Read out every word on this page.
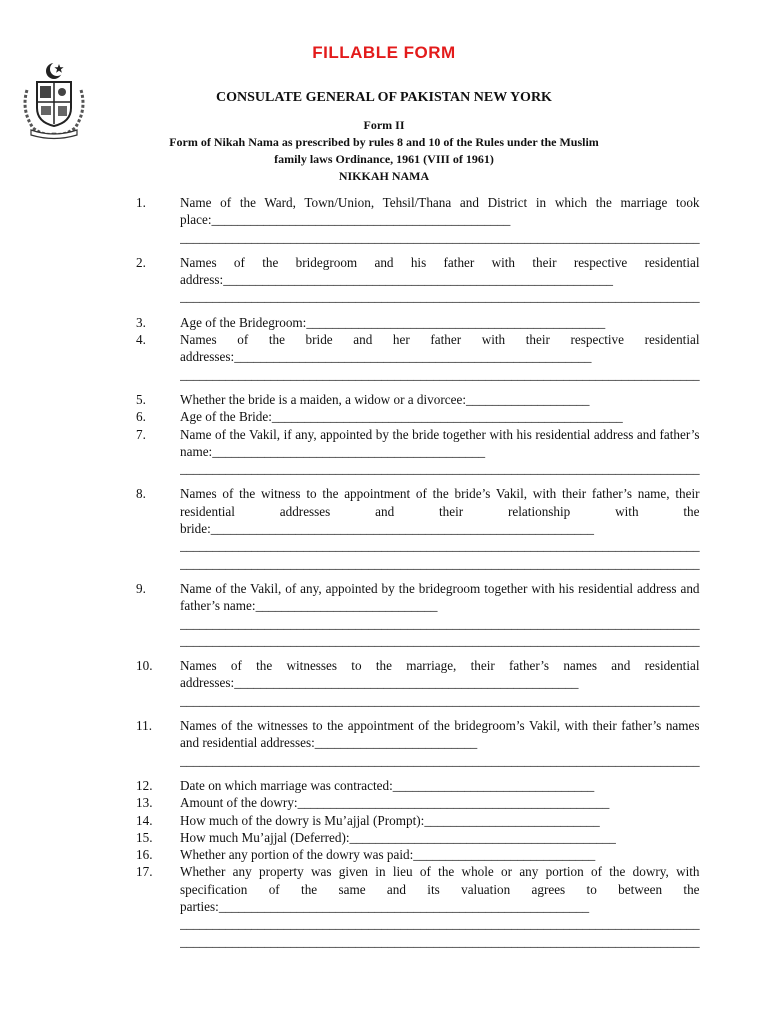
FILLABLE FORM
CONSULATE GENERAL OF PAKISTAN NEW YORK
Form II
Form of Nikah Nama as prescribed by rules 8 and 10 of the Rules under the Muslim
family laws Ordinance, 1961 (VIII of 1961)
NIKKAH NAMA
1.	Name of the Ward, Town/Union, Tehsil/Thana and District in which the marriage took place:______________________________________________
________________________________________________________________________________
2.	Names of the bridegroom and his father with their respective residential address:____________________________________________________________
________________________________________________________________________________
3.	Age of the Bridegroom:______________________________________________
4.	Names of the bride and her father with their respective residential addresses:_______________________________________________________
________________________________________________________________________________
5.	Whether the bride is a maiden, a widow or a divorcee:___________________
6.	Age of the Bride:______________________________________________________
7.	Name of the Vakil, if any, appointed by the bride together with his residential address and father’s name:__________________________________________
________________________________________________________________________________
8.	Names of the witness to the appointment of the bride’s Vakil, with their father’s name, their residential addresses and their relationship with the bride:___________________________________________________________
________________________________________________________________________________
________________________________________________________________________________
9.	Name of the Vakil, of any, appointed by the bridegroom together with his residential address and father’s name:____________________________
________________________________________________________________________________
________________________________________________________________________________
10.	Names of the witnesses to the marriage, their father’s names and residential addresses:_____________________________________________________
________________________________________________________________________________
11.	Names of the witnesses to the appointment of the bridegroom’s Vakil, with their father’s names and residential addresses:_________________________
________________________________________________________________________________
12.	Date on which marriage was contracted:_______________________________
13.	Amount of the dowry:________________________________________________
14.	How much of the dowry is Mu’ajjal (Prompt):___________________________
15.	How much Mu’ajjal (Deferred):_________________________________________
16.	Whether any portion of the dowry was paid:____________________________
17.	Whether any property was given in lieu of the whole or any portion of the dowry, with specification of the same and its valuation agrees to between the parties:_________________________________________________________
________________________________________________________________________________
________________________________________________________________________________
